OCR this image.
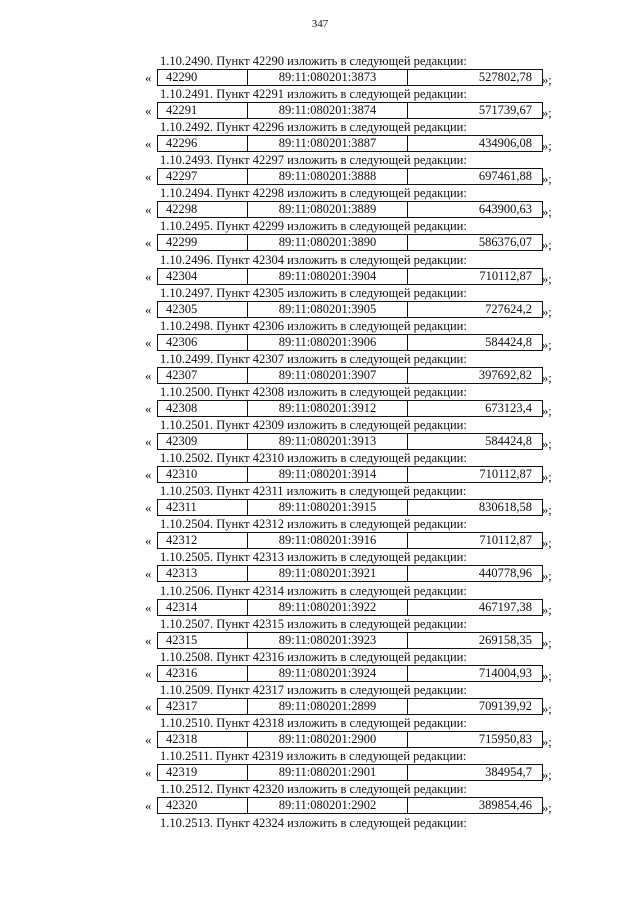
347
1.10.2490. Пункт 42290 изложить в следующей редакции:
«	42290	89:11:080201:3873	527802,78 »;
1.10.2491. Пункт 42291 изложить в следующей редакции:
«	42291	89:11:080201:3874	571739,67 »;
1.10.2492. Пункт 42296 изложить в следующей редакции:
«	42296	89:11:080201:3887	434906,08 »;
1.10.2493. Пункт 42297 изложить в следующей редакции:
«	42297	89:11:080201:3888	697461,88 »;
1.10.2494. Пункт 42298 изложить в следующей редакции:
«	42298	89:11:080201:3889	643900,63 »;
1.10.2495. Пункт 42299 изложить в следующей редакции:
«	42299	89:11:080201:3890	586376,07 »;
1.10.2496. Пункт 42304 изложить в следующей редакции:
«	42304	89:11:080201:3904	710112,87 »;
1.10.2497. Пункт 42305 изложить в следующей редакции:
«	42305	89:11:080201:3905	727624,2 »;
1.10.2498. Пункт 42306 изложить в следующей редакции:
«	42306	89:11:080201:3906	584424,8 »;
1.10.2499. Пункт 42307 изложить в следующей редакции:
«	42307	89:11:080201:3907	397692,82 »;
1.10.2500. Пункт 42308 изложить в следующей редакции:
«	42308	89:11:080201:3912	673123,4 »;
1.10.2501. Пункт 42309 изложить в следующей редакции:
«	42309	89:11:080201:3913	584424,8 »;
1.10.2502. Пункт 42310 изложить в следующей редакции:
«	42310	89:11:080201:3914	710112,87 »;
1.10.2503. Пункт 42311 изложить в следующей редакции:
«	42311	89:11:080201:3915	830618,58 »;
1.10.2504. Пункт 42312 изложить в следующей редакции:
«	42312	89:11:080201:3916	710112,87 »;
1.10.2505. Пункт 42313 изложить в следующей редакции:
«	42313	89:11:080201:3921	440778,96 »;
1.10.2506. Пункт 42314 изложить в следующей редакции:
«	42314	89:11:080201:3922	467197,38 »;
1.10.2507. Пункт 42315 изложить в следующей редакции:
«	42315	89:11:080201:3923	269158,35 »;
1.10.2508. Пункт 42316 изложить в следующей редакции:
«	42316	89:11:080201:3924	714004,93 »;
1.10.2509. Пункт 42317 изложить в следующей редакции:
«	42317	89:11:080201:2899	709139,92 »;
1.10.2510. Пункт 42318 изложить в следующей редакции:
«	42318	89:11:080201:2900	715950,83 »;
1.10.2511. Пункт 42319 изложить в следующей редакции:
«	42319	89:11:080201:2901	384954,7 »;
1.10.2512. Пункт 42320 изложить в следующей редакции:
«	42320	89:11:080201:2902	389854,46 »;
1.10.2513. Пункт 42324 изложить в следующей редакции:
